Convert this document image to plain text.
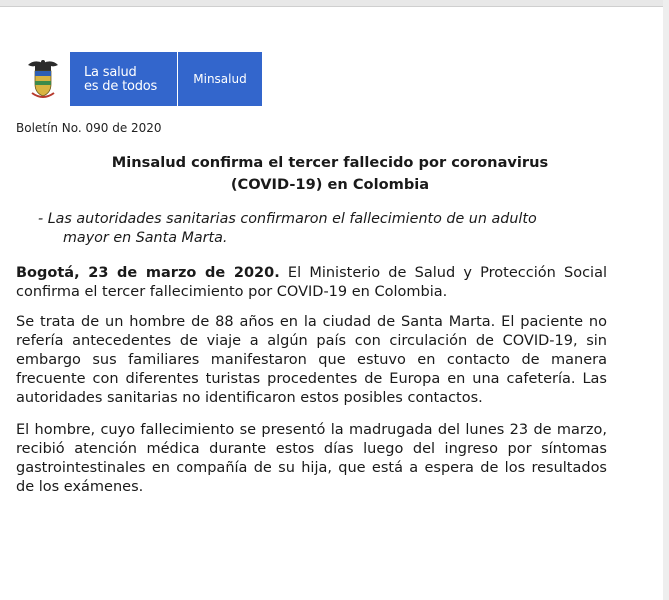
La salud
es de todos	Minsalud
Boletín No. 090 de 2020
Minsalud confirma el tercer fallecido por coronavirus
(COVID-19) en Colombia
- Las autoridades sanitarias confirmaron el fallecimiento de un adulto
mayor en Santa Marta.
Bogotá, 23 de marzo de 2020. El Ministerio de Salud y Protección Social confirma el tercer fallecimiento por COVID-19 en Colombia.
Se trata de un hombre de 88 años en la ciudad de Santa Marta. El paciente no refería antecedentes de viaje a algún país con circulación de COVID-19, sin embargo sus familiares manifestaron que estuvo en contacto de manera frecuente con diferentes turistas procedentes de Europa en una cafetería. Las autoridades sanitarias no identificaron estos posibles contactos.
El hombre, cuyo fallecimiento se presentó la madrugada del lunes 23 de marzo, recibió atención médica durante estos días luego del ingreso por síntomas gastrointestinales en compañía de su hija, que está a espera de los resultados de los exámenes.
